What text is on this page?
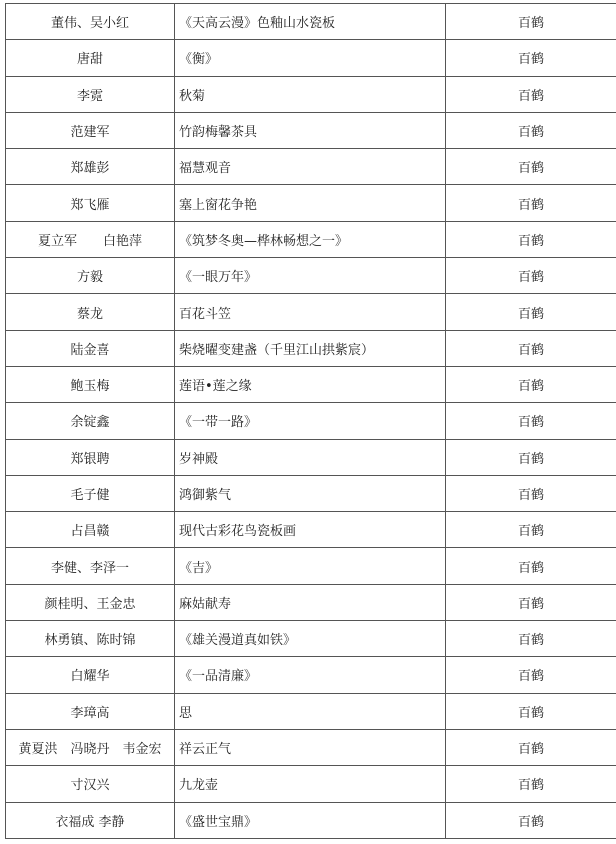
董伟、吴小红	《天高云漫》色釉山水瓷板	百鹤
唐甜	《衡》	百鹤
李霓	秋菊	百鹤
范建军	竹韵梅馨茶具	百鹤
郑雄彭	福慧观音	百鹤
郑飞雁	塞上窗花争艳	百鹤
夏立军　　白艳萍	《筑梦冬奥—桦林畅想之一》	百鹤
方毅	《一眼万年》	百鹤
蔡龙	百花斗笠	百鹤
陆金喜	柴烧曜变建盏（千里江山拱紫宸）	百鹤
鲍玉梅	莲语•莲之缘	百鹤
余锭鑫	《一带一路》	百鹤
郑银聘	岁神殿	百鹤
毛子健	鸿御紫气	百鹤
占昌赣	现代古彩花鸟瓷板画	百鹤
李健、李泽一	《吉》	百鹤
颜桂明、王金忠	麻姑献寿	百鹤
林勇镇、陈时锦	《雄关漫道真如铁》	百鹤
白耀华	《一品清廉》	百鹤
李璋高	思	百鹤
黄夏洪　冯晓丹　韦金宏	祥云正气	百鹤
寸汉兴	九龙壶	百鹤
衣福成 李静	《盛世宝鼎》	百鹤
